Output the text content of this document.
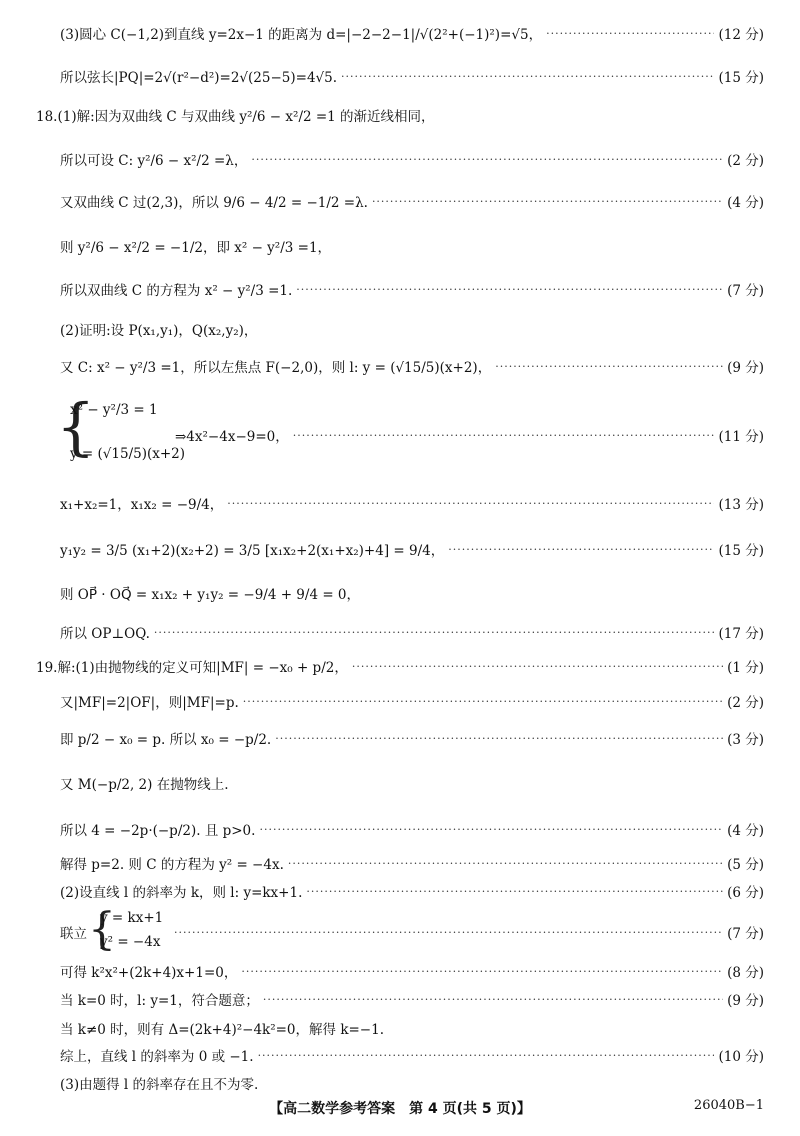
(3)圆心 C(−1,2)到直线 y=2x−1 的距离为 d=|−2−2−1|/√(2²+(−1)²)=√5， ·····	(12 分)
所以弦长|PQ|=2√(r²−d²)=2√(25−5)=4√5. ·····	(15 分)
18.(1)解:因为双曲线 C 与双曲线 y²/6 − x²/2 =1 的渐近线相同，
所以可设 C: y²/6 − x²/2 =λ， ·····	(2 分)
又双曲线 C 过(2,3)，所以 9/6 − 4/2 = −1/2 =λ. ·····	(4 分)
则 y²/6 − x²/2 = −1/2，即 x² − y²/3 =1，
所以双曲线 C 的方程为 x² − y²/3 =1. ·····	(7 分)
(2)证明:设 P(x₁,y₁)，Q(x₂,y₂)，
又 C: x² − y²/3 =1，所以左焦点 F(−2,0)，则 l: y = (√15/5)(x+2)， ·····	(9 分)
{
x² − y²/3 = 1
y = (√15/5)(x+2)
⇒4x²−4x−9=0， ·····	(11 分)
x₁+x₂=1，x₁x₂ = −9/4， ·····	(13 分)
y₁y₂ = 3/5 (x₁+2)(x₂+2) = 3/5 [x₁x₂+2(x₁+x₂)+4] = 9/4， ·····	(15 分)
则 OP⃗ · OQ⃗ = x₁x₂ + y₁y₂ = −9/4 + 9/4 = 0，
所以 OP⊥OQ. ·····	(17 分)
19.解:(1)由抛物线的定义可知|MF| = −x₀ + p/2， ·····	(1 分)
又|MF|=2|OF|，则|MF|=p. ·····	(2 分)
即 p/2 − x₀ = p. 所以 x₀ = −p/2. ·····	(3 分)
又 M(−p/2, 2) 在抛物线上.
所以 4 = −2p·(−p/2). 且 p>0. ·····	(4 分)
解得 p=2. 则 C 的方程为 y² = −4x. ·····	(5 分)
(2)设直线 l 的斜率为 k，则 l: y=kx+1. ·····	(6 分)
{
y = kx+1
y² = −4x
联立 ·····	(7 分)
可得 k²x²+(2k+4)x+1=0， ·····	(8 分)
当 k=0 时，l: y=1，符合题意； ·····	(9 分)
当 k≠0 时，则有 Δ=(2k+4)²−4k²=0，解得 k=−1.
综上，直线 l 的斜率为 0 或 −1. ·····	(10 分)
(3)由题得 l 的斜率存在且不为零.
【高二数学参考答案　第 4 页(共 5 页)】	26040B−1
